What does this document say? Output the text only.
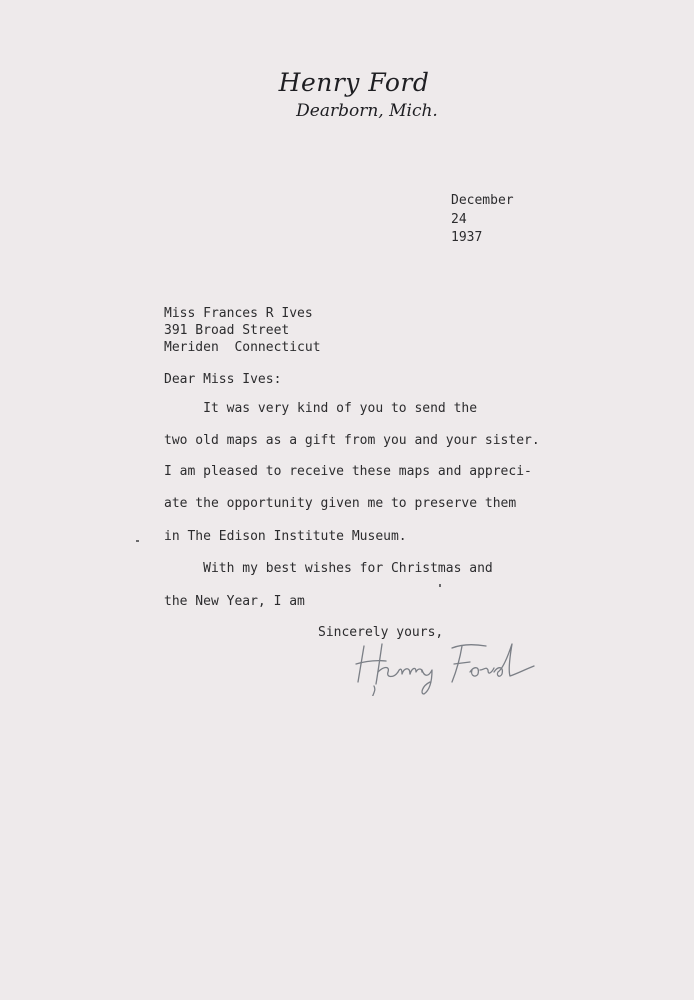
Henry Ford
Dearborn, Mich.
December
24
1937
Miss Frances R Ives
391 Broad Street
Meriden  Connecticut
Dear Miss Ives:
It was very kind of you to send the
two old maps as a gift from you and your sister.
I am pleased to receive these maps and appreci-
ate the opportunity given me to preserve them
in The Edison Institute Museum.
With my best wishes for Christmas and
the New Year, I am
Sincerely yours,
